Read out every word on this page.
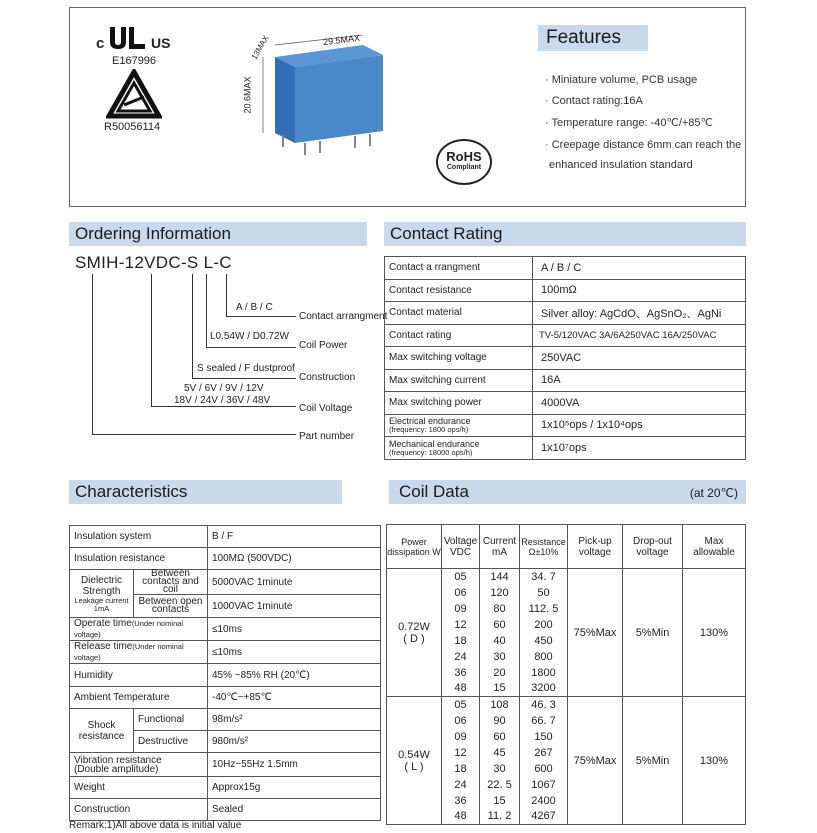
c	US
E167996
R50056114
29.5MAX
13MAX
20.6MAX
RoHS
Compliant
Features
· Miniature volume, PCB usage
· Contact rating:16A
· Temperature range: -40℃/+85℃
· Creepage distance 6mm can reach the
enhanced insulation standard
Ordering Information
SMIH-12VDC-S L-C
A / B / C
Contact arrangment
L0.54W / D0.72W
Coil Power
S sealed / F dustproof
Construction
5V / 6V / 9V / 12V
18V / 24V / 36V / 48V
Coil Voltage
Part number
Contact Rating
Contact a rrangment	A / B / C
Contact resistance	100mΩ
Contact material	Silver alloy: AgCdO、AgSnO₂、AgNi
Contact rating	TV-5/120VAC 3A/6A250VAC 16A/250VAC
Max switching voltage	250VAC
Max switching current	16A
Max switching power	4000VA

Electrical endurance
(frequency: 1800 ops/h)	1x10⁵ops / 1x10⁴ops

Mechanical endurance
(frequency: 18000 ops/h)	1x10⁷ops
Characteristics
Insulation system		B / F
Insulation resistance		100MΩ (500VDC)
Dielectric Strength
Leakage current 1mA	Between contacts and coil	5000VAC 1minute
	Between open contacts	1000VAC 1minute
Operate time(Under nominal voltage)		≤10ms
Release time(Under nominal voltage)		≤10ms
Humidity		45% ~85% RH (20℃)
Ambient Temperature		-40℃~+85℃
Shock resistance	Functional	98m/s²
	Destructive	980m/s²

Vibration resistance
(Double amplitude)		10Hz~55Hz 1.5mm
Weight		Approx15g
Construction		Sealed
Remark:1)All above data is initial value
Coil Data	(at 20℃)
Power dissipation W	Voltage VDC	Current mA	Resistance Ω±10%	Pick-up voltage	Drop-out voltage	Max allowable

0.72W
( D )	05	144	34. 7	75%Max	5%Min	130%
	06	120	50			
	09	80	112. 5			
	12	60	200			
	18	40	450			
	24	30	800			
	36	20	1800			
	48	15	3200			

0.54W
( L )	05	108	46. 3	75%Max	5%Min	130%
	06	90	66. 7			
	09	60	150			
	12	45	267			
	18	30	600			
	24	22. 5	1067			
	36	15	2400			
	48	11. 2	4267			
